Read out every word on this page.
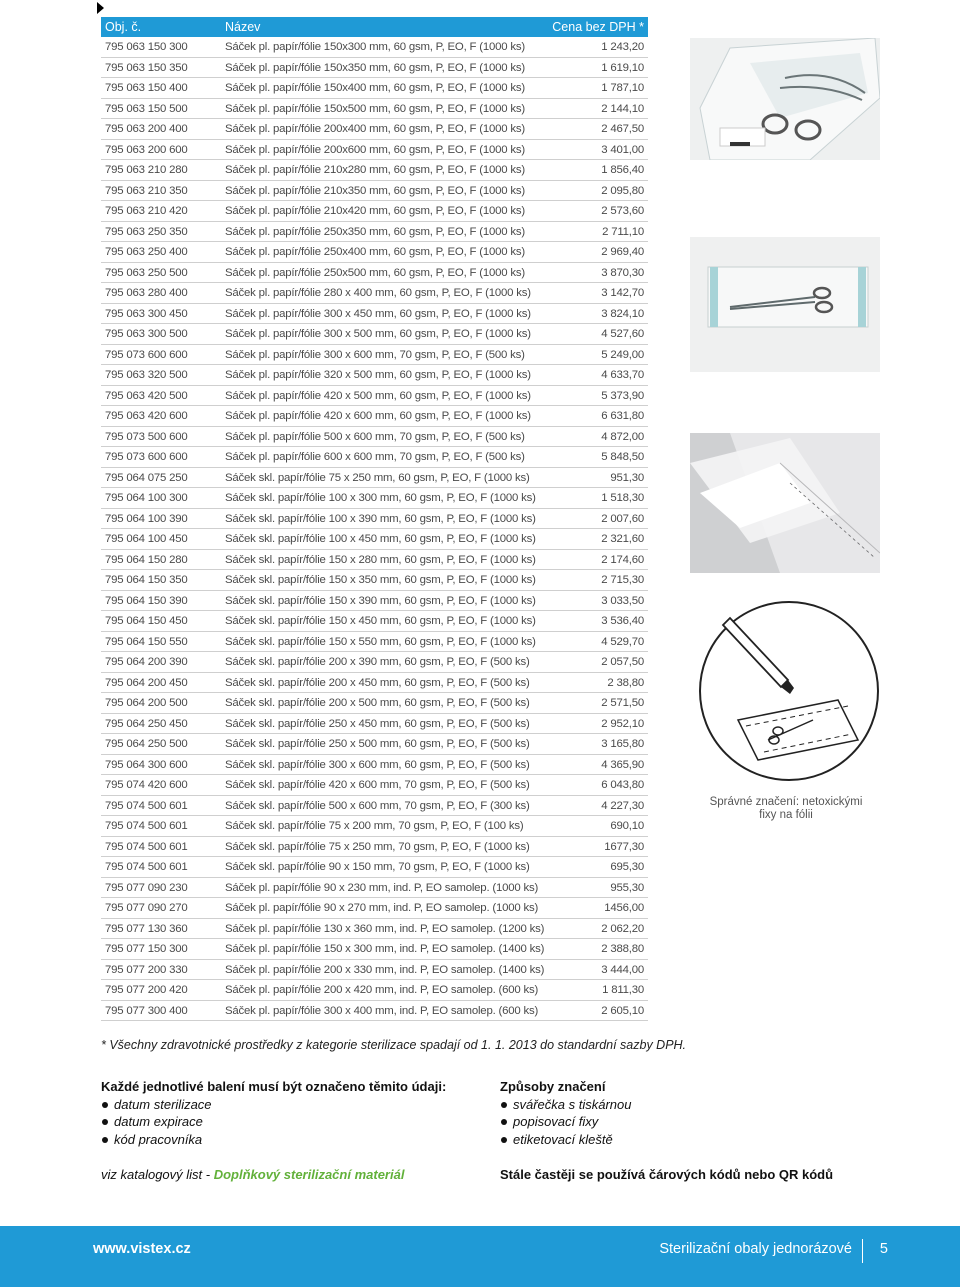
Obj. č.	Název	Cena bez DPH *
795 063 150 300	Sáček pl. papír/fólie 150x300 mm, 60 gsm, P, EO, F (1000 ks)	1 243,20
795 063 150 350	Sáček pl. papír/fólie 150x350 mm, 60 gsm, P, EO, F (1000 ks)	1 619,10
795 063 150 400	Sáček pl. papír/fólie 150x400 mm, 60 gsm, P, EO, F (1000 ks)	1 787,10
795 063 150 500	Sáček pl. papír/fólie 150x500 mm, 60 gsm, P, EO, F (1000 ks)	2 144,10
795 063 200 400	Sáček pl. papír/fólie 200x400 mm, 60 gsm, P, EO, F (1000 ks)	2 467,50
795 063 200 600	Sáček pl. papír/fólie 200x600 mm, 60 gsm, P, EO, F (1000 ks)	3 401,00
795 063 210 280	Sáček pl. papír/fólie 210x280 mm, 60 gsm, P, EO, F (1000 ks)	1 856,40
795 063 210 350	Sáček pl. papír/fólie 210x350 mm, 60 gsm, P, EO, F (1000 ks)	2 095,80
795 063 210 420	Sáček pl. papír/fólie 210x420 mm, 60 gsm, P, EO, F (1000 ks)	2 573,60
795 063 250 350	Sáček pl. papír/fólie 250x350 mm, 60 gsm, P, EO, F (1000 ks)	2 711,10
795 063 250 400	Sáček pl. papír/fólie 250x400 mm, 60 gsm, P, EO, F (1000 ks)	2 969,40
795 063 250 500	Sáček pl. papír/fólie 250x500 mm, 60 gsm, P, EO, F (1000 ks)	3 870,30
795 063 280 400	Sáček pl. papír/fólie 280 x 400 mm, 60 gsm, P, EO, F (1000 ks)	3 142,70
795 063 300 450	Sáček pl. papír/fólie 300 x 450 mm, 60 gsm, P, EO, F (1000 ks)	3 824,10
795 063 300 500	Sáček pl. papír/fólie 300 x 500 mm, 60 gsm, P, EO, F (1000 ks)	4 527,60
795 073 600 600	Sáček pl. papír/fólie 300 x 600 mm, 70 gsm, P, EO, F (500 ks)	5 249,00
795 063 320 500	Sáček pl. papír/fólie 320 x 500 mm, 60 gsm, P, EO, F (1000 ks)	4 633,70
795 063 420 500	Sáček pl. papír/fólie 420 x 500 mm, 60 gsm, P, EO, F (1000 ks)	5 373,90
795 063 420 600	Sáček pl. papír/fólie 420 x 600 mm, 60 gsm, P, EO, F (1000 ks)	6 631,80
795 073 500 600	Sáček pl. papír/fólie 500 x 600 mm, 70 gsm, P, EO, F (500 ks)	4 872,00
795 073 600 600	Sáček pl. papír/fólie 600 x 600 mm, 70 gsm, P, EO, F (500 ks)	5 848,50
795 064 075 250	Sáček skl. papír/fólie 75 x 250 mm, 60 gsm, P, EO, F (1000 ks)	951,30
795 064 100 300	Sáček skl. papír/fólie 100 x 300 mm, 60 gsm, P, EO, F (1000 ks)	1 518,30
795 064 100 390	Sáček skl. papír/fólie 100 x 390 mm, 60 gsm, P, EO, F (1000 ks)	2 007,60
795 064 100 450	Sáček skl. papír/fólie 100 x 450 mm, 60 gsm, P, EO, F (1000 ks)	2 321,60
795 064 150 280	Sáček skl. papír/fólie 150 x 280 mm, 60 gsm, P, EO, F (1000 ks)	2 174,60
795 064 150 350	Sáček skl. papír/fólie 150 x 350 mm, 60 gsm, P, EO, F (1000 ks)	2 715,30
795 064 150 390	Sáček skl. papír/fólie 150 x 390 mm, 60 gsm, P, EO, F (1000 ks)	3 033,50
795 064 150 450	Sáček skl. papír/fólie 150 x 450 mm, 60 gsm, P, EO, F (1000 ks)	3 536,40
795 064 150 550	Sáček skl. papír/fólie 150 x 550 mm, 60 gsm, P, EO, F (1000 ks)	4 529,70
795 064 200 390	Sáček skl. papír/fólie 200 x 390 mm, 60 gsm, P, EO, F (500 ks)	2 057,50
795 064 200 450	Sáček skl. papír/fólie 200 x 450 mm, 60 gsm, P, EO, F (500 ks)	2 38,80
795 064 200 500	Sáček skl. papír/fólie 200 x 500 mm, 60 gsm, P, EO, F (500 ks)	2 571,50
795 064 250 450	Sáček skl. papír/fólie 250 x 450 mm, 60 gsm, P, EO, F (500 ks)	2 952,10
795 064 250 500	Sáček skl. papír/fólie 250 x 500 mm, 60 gsm, P, EO, F (500 ks)	3 165,80
795 064 300 600	Sáček skl. papír/fólie 300 x 600 mm, 60 gsm, P, EO, F (500 ks)	4 365,90
795 074 420 600	Sáček skl. papír/fólie 420 x 600 mm, 70 gsm, P, EO, F (500 ks)	6 043,80
795 074 500 601	Sáček skl. papír/fólie 500 x 600 mm, 70 gsm, P, EO, F (300 ks)	4 227,30
795 074 500 601	Sáček skl. papír/fólie 75 x 200 mm, 70 gsm, P, EO, F (100 ks)	690,10
795 074 500 601	Sáček skl. papír/fólie 75 x 250 mm, 70 gsm, P, EO, F (1000 ks)	1677,30
795 074 500 601	Sáček skl. papír/fólie 90 x 150 mm, 70 gsm, P, EO, F (1000 ks)	695,30
795 077 090 230	Sáček pl. papír/fólie 90 x 230 mm, ind. P, EO samolep. (1000 ks)	955,30
795 077 090 270	Sáček pl. papír/fólie 90 x 270 mm, ind. P, EO samolep. (1000 ks)	1456,00
795 077 130 360	Sáček pl. papír/fólie 130 x 360 mm, ind. P, EO samolep. (1200 ks)	2 062,20
795 077 150 300	Sáček pl. papír/fólie 150 x 300 mm, ind. P, EO samolep. (1400 ks)	2 388,80
795 077 200 330	Sáček pl. papír/fólie 200 x 330 mm, ind. P, EO samolep. (1400 ks)	3 444,00
795 077 200 420	Sáček pl. papír/fólie 200 x 420 mm, ind. P, EO samolep. (600 ks)	1 811,30
795 077 300 400	Sáček pl. papír/fólie 300 x 400 mm, ind. P, EO samolep. (600 ks)	2 605,10
Správné značení: netoxickými fixy na fólii
* Všechny zdravotnické prostředky z kategorie sterilizace spadají od 1. 1. 2013 do standardní sazby DPH.
Každé jednotlivé balení musí být označeno těmito údaji:
datum sterilizace
datum expirace
kód pracovníka
Způsoby značení
svářečka s tiskárnou
popisovací fixy
etiketovací kleště
viz katalogový list - Doplňkový sterilizační materiál	Stále častěji se používá čárových kódů nebo QR kódů
www.vistex.cz	Sterilizační obaly jednorázové 5
